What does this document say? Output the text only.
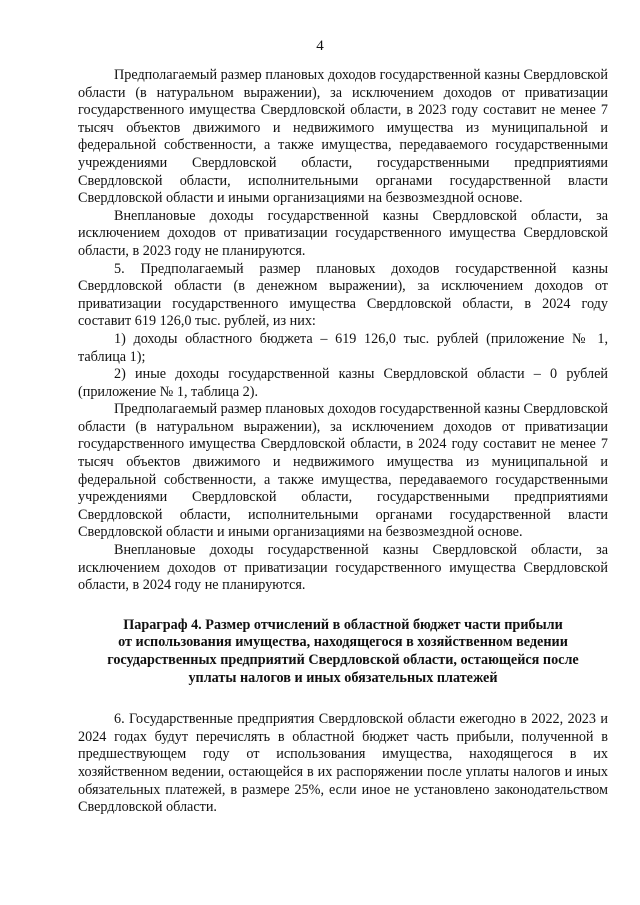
4

Предполагаемый размер плановых доходов государственной казны Свердловской области (в натуральном выражении), за исключением доходов от приватизации государственного имущества Свердловской области, в 2023 году составит не менее 7 тысяч объектов движимого и недвижимого имущества из муниципальной и федеральной собственности, а также имущества, передаваемого государственными учреждениями Свердловской области, государственными предприятиями Свердловской области, исполнительными органами государственной власти Свердловской области и иными организациями на безвозмездной основе.

Внеплановые доходы государственной казны Свердловской области, за исключением доходов от приватизации государственного имущества Свердловской области, в 2023 году не планируются.

5. Предполагаемый размер плановых доходов государственной казны Свердловской области (в денежном выражении), за исключением доходов от приватизации государственного имущества Свердловской области, в 2024 году составит 619 126,0 тыс. рублей, из них:

1) доходы областного бюджета – 619 126,0 тыс. рублей (приложение № 1, таблица 1);

2) иные доходы государственной казны Свердловской области – 0 рублей (приложение № 1, таблица 2).

Предполагаемый размер плановых доходов государственной казны Свердловской области (в натуральном выражении), за исключением доходов от приватизации государственного имущества Свердловской области, в 2024 году составит не менее 7 тысяч объектов движимого и недвижимого имущества из муниципальной и федеральной собственности, а также имущества, передаваемого государственными учреждениями Свердловской области, государственными предприятиями Свердловской области, исполнительными органами государственной власти Свердловской области и иными организациями на безвозмездной основе.

Внеплановые доходы государственной казны Свердловской области, за исключением доходов от приватизации государственного имущества Свердловской области, в 2024 году не планируются.

Параграф 4. Размер отчислений в областной бюджет части прибыли
от использования имущества, находящегося в хозяйственном ведении
государственных предприятий Свердловской области, остающейся после
уплаты налогов и иных обязательных платежей

6. Государственные предприятия Свердловской области ежегодно в 2022, 2023 и 2024 годах будут перечислять в областной бюджет часть прибыли, полученной в предшествующем году от использования имущества, находящегося в их хозяйственном ведении, остающейся в их распоряжении после уплаты налогов и иных обязательных платежей, в размере 25%, если иное не установлено законодательством Свердловской области.
